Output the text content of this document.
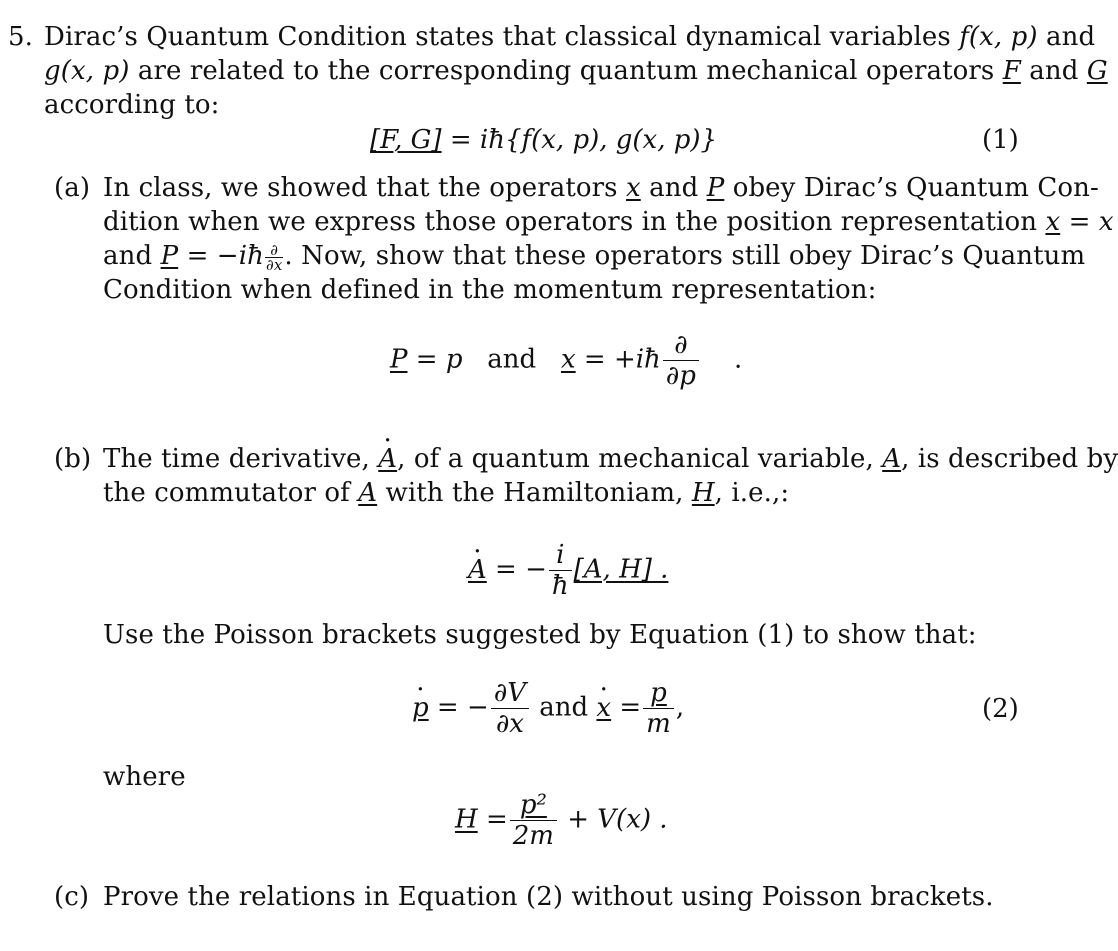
5. Dirac’s Quantum Condition states that classical dynamical variables f(x, p) and
g(x, p) are related to the corresponding quantum mechanical operators F and G
according to:
[F, G] = iħ{f(x, p), g(x, p)}	(1)
(a) In class, we showed that the operators x and P obey Dirac’s Quantum Con-
dition when we express those operators in the position representation x = x
and P = −iħ $\frac{\partial}{\partial x}$ . Now, show that these operators still obey Dirac’s Quantum
Condition when defined in the momentum representation:
P = p and x = +iħ $\frac{\partial}{\partial p}$ .
(b) The time derivative, A ·, of a quantum mechanical variable, A, is described by
the commutator of A with the Hamiltoniam, H, i.e.,:
A · = − $\frac{i}{ħ} [A$, H] .
Use the Poisson brackets suggested by Equation (1) to show that:
p · = − $\frac{\partial V}{\partial x}$ and x · = $\frac{p}{m}$ ,	(2)
where
$H = \frac{\text{p²}}{2m} + V(x)$ .
(c) Prove the relations in Equation (2) without using Poisson brackets.
